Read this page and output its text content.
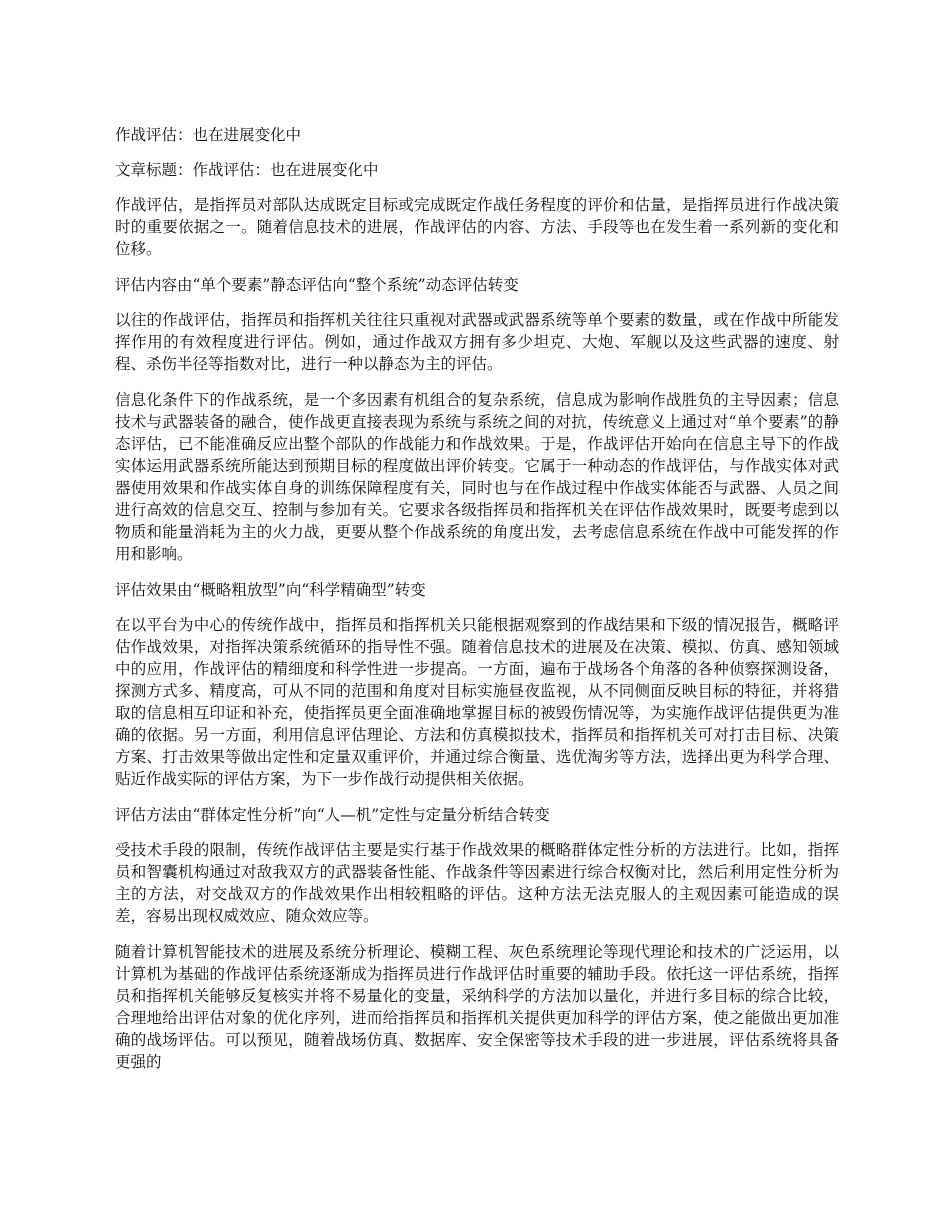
作战评估：也在进展变化中

文章标题：作战评估：也在进展变化中

作战评估，是指挥员对部队达成既定目标或完成既定作战任务程度的评价和估量，是指挥员进行作战决策时的重要依据之一。随着信息技术的进展，作战评估的内容、方法、手段等也在发生着一系列新的变化和位移。

评估内容由“单个要素”静态评估向“整个系统”动态评估转变

以往的作战评估，指挥员和指挥机关往往只重视对武器或武器系统等单个要素的数量，或在作战中所能发挥作用的有效程度进行评估。例如，通过作战双方拥有多少坦克、大炮、军舰以及这些武器的速度、射程、杀伤半径等指数对比，进行一种以静态为主的评估。

信息化条件下的作战系统，是一个多因素有机组合的复杂系统，信息成为影响作战胜负的主导因素；信息技术与武器装备的融合，使作战更直接表现为系统与系统之间的对抗，传统意义上通过对“单个要素”的静态评估，已不能准确反应出整个部队的作战能力和作战效果。于是，作战评估开始向在信息主导下的作战实体运用武器系统所能达到预期目标的程度做出评价转变。它属于一种动态的作战评估，与作战实体对武器使用效果和作战实体自身的训练保障程度有关，同时也与在作战过程中作战实体能否与武器、人员之间进行高效的信息交互、控制与参加有关。它要求各级指挥员和指挥机关在评估作战效果时，既要考虑到以物质和能量消耗为主的火力战，更要从整个作战系统的角度出发，去考虑信息系统在作战中可能发挥的作用和影响。

评估效果由“概略粗放型”向“科学精确型”转变

在以平台为中心的传统作战中，指挥员和指挥机关只能根据观察到的作战结果和下级的情况报告，概略评估作战效果，对指挥决策系统循环的指导性不强。随着信息技术的进展及在决策、模拟、仿真、感知领域中的应用，作战评估的精细度和科学性进一步提高。一方面，遍布于战场各个角落的各种侦察探测设备，探测方式多、精度高，可从不同的范围和角度对目标实施昼夜监视，从不同侧面反映目标的特征，并将猎取的信息相互印证和补充，使指挥员更全面准确地掌握目标的被毁伤情况等，为实施作战评估提供更为准确的依据。另一方面，利用信息评估理论、方法和仿真模拟技术，指挥员和指挥机关可对打击目标、决策方案、打击效果等做出定性和定量双重评价，并通过综合衡量、选优淘劣等方法，选择出更为科学合理、贴近作战实际的评估方案，为下一步作战行动提供相关依据。

评估方法由“群体定性分析”向“人—机”定性与定量分析结合转变

受技术手段的限制，传统作战评估主要是实行基于作战效果的概略群体定性分析的方法进行。比如，指挥员和智囊机构通过对敌我双方的武器装备性能、作战条件等因素进行综合权衡对比，然后利用定性分析为主的方法，对交战双方的作战效果作出相较粗略的评估。这种方法无法克服人的主观因素可能造成的误差，容易出现权威效应、随众效应等。

随着计算机智能技术的进展及系统分析理论、模糊工程、灰色系统理论等现代理论和技术的广泛运用，以计算机为基础的作战评估系统逐渐成为指挥员进行作战评估时重要的辅助手段。依托这一评估系统，指挥员和指挥机关能够反复核实并将不易量化的变量，采纳科学的方法加以量化，并进行多目标的综合比较，合理地给出评估对象的优化序列，进而给指挥员和指挥机关提供更加科学的评估方案，使之能做出更加准确的战场评估。可以预见，随着战场仿真、数据库、安全保密等技术手段的进一步进展，评估系统将具备更强的
